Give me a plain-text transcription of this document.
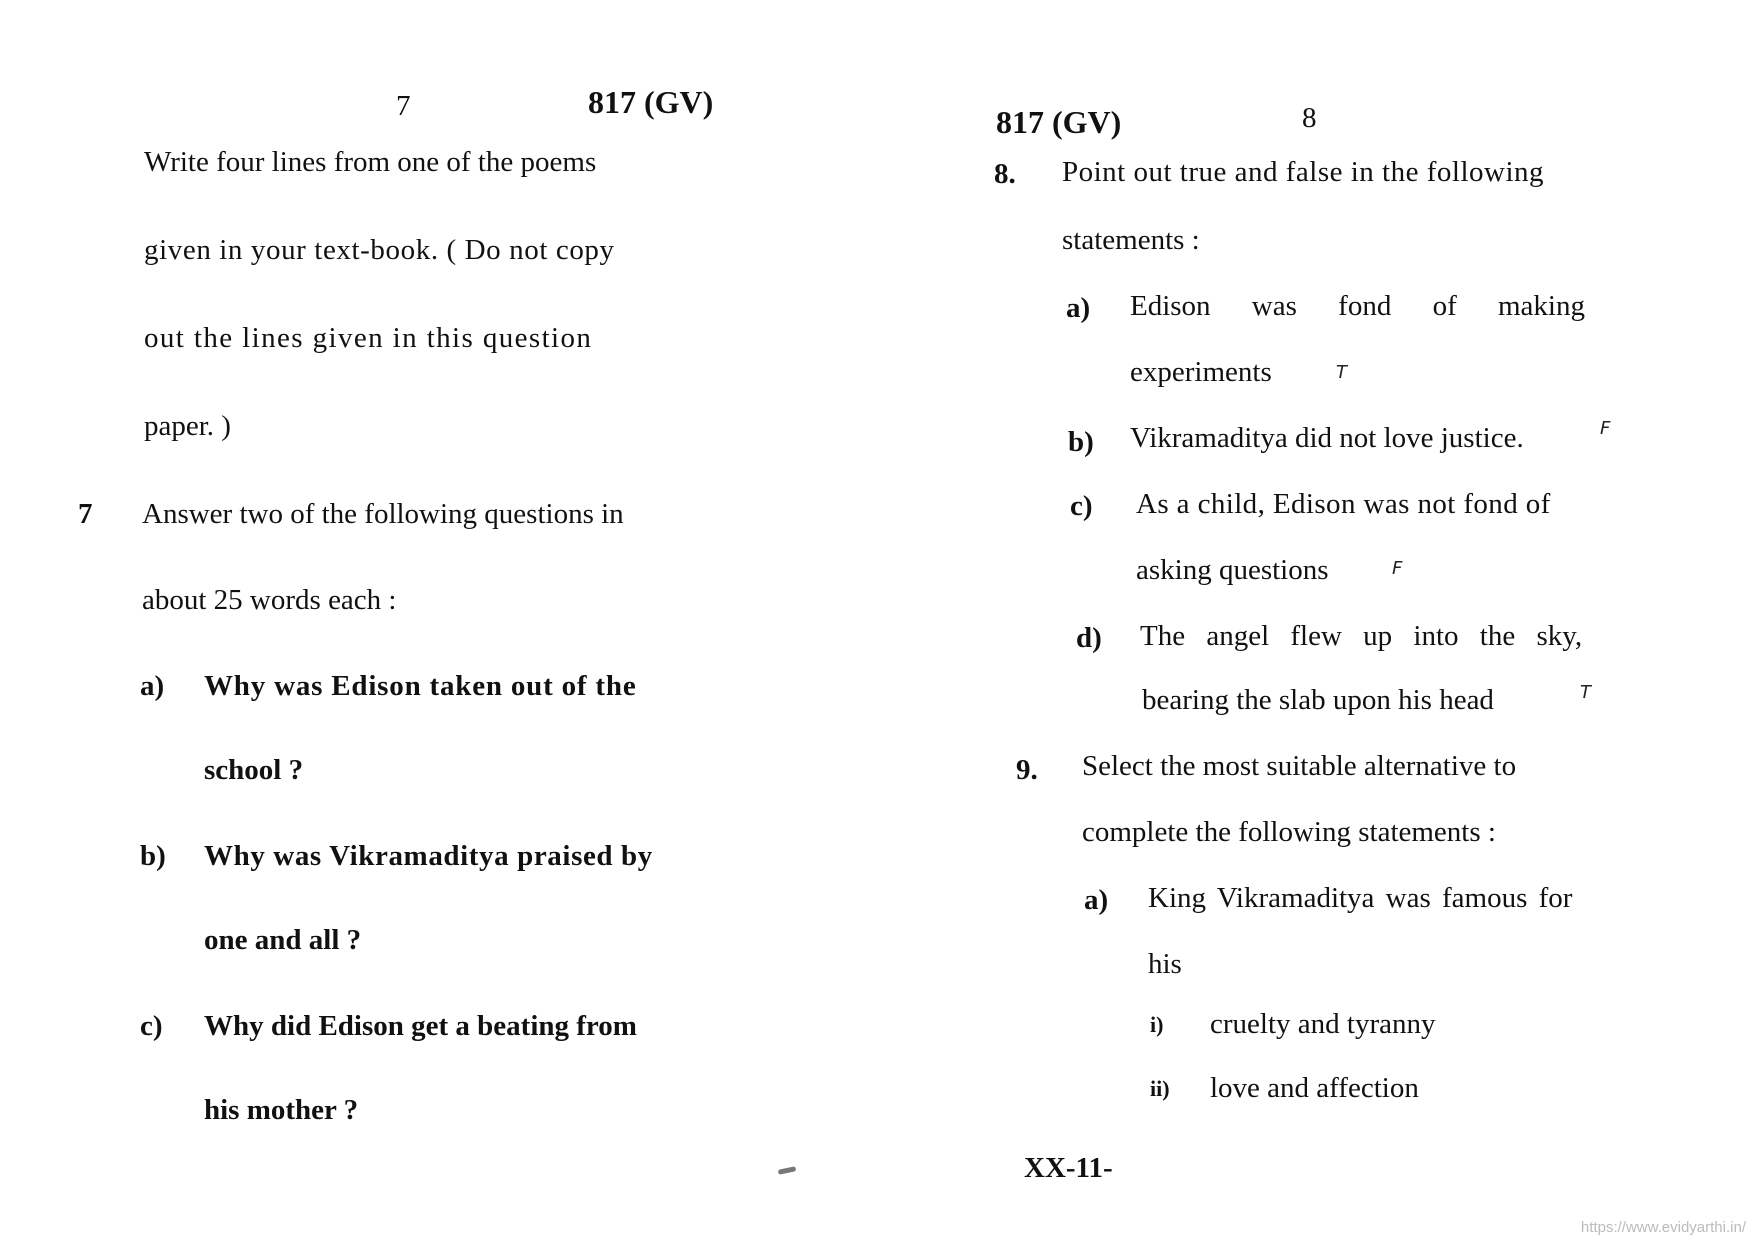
7	817 (GV)
Write four lines from one of the poems
given in your text-book. ( Do not copy
out the lines given in this question
paper. )
7 Answer two of the following questions in
about 25 words each :
a) Why was Edison taken out of the
school ?
b) Why was Vikramaditya praised by
one and all ?
c) Why did Edison get a beating from
his mother ?
817 (GV)	8
8. Point out true and false in the following
statements :
a) Edison was fond of making
experiments	T
b) Vikramaditya did not love justice.	F
c) As a child, Edison was not fond of
asking questions	F
d) The angel flew up into the sky,
bearing the slab upon his head	T
9. Select the most suitable alternative to
complete the following statements :
a) King Vikramaditya was famous for
his
i) cruelty and tyranny
ii) love and affection
XX-11-
https://www.evidyarthi.in/
